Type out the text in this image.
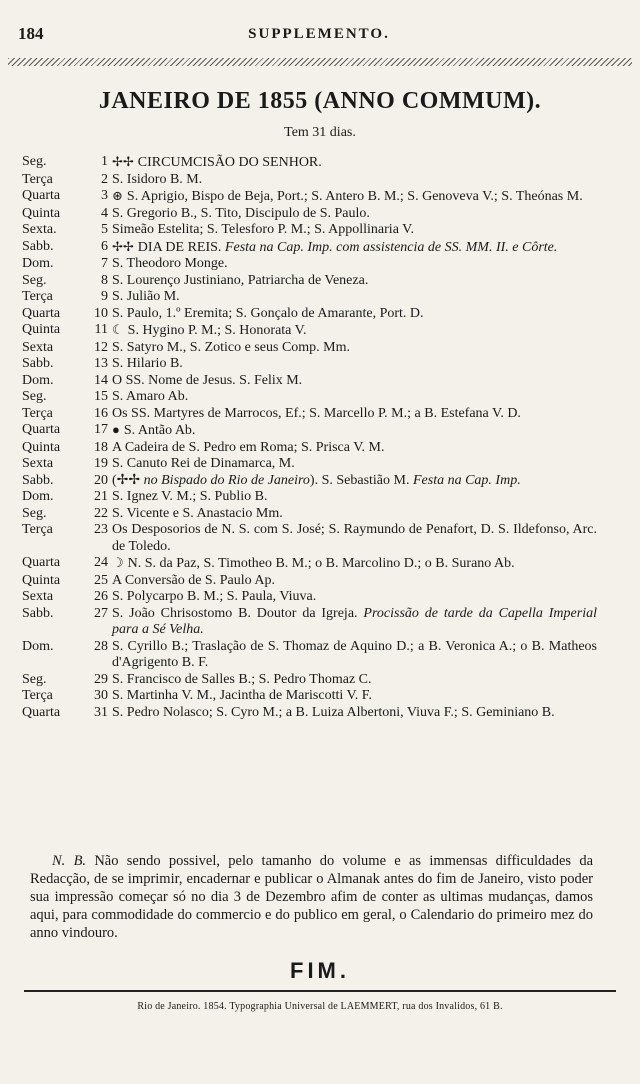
184	SUPPLEMENTO.
JANEIRO DE 1855 (ANNO COMMUM).
Tem 31 dias.
Seg.	1 ✢✢ CIRCUMCISÃO DO SENHOR.
Terça	2 S. Isidoro B. M.
Quarta	3 ⊛ S. Aprigio, Bispo de Beja, Port.; S. Antero B. M.; S. Genoveva V.; S. Theónas M.
Quinta	4 S. Gregorio B., S. Tito, Discipulo de S. Paulo.
Sexta.	5 Simeão Estelita; S. Telesforo P. M.; S. Appollinaria V.
Sabb.	6 ✢✢ DIA DE REIS. Festa na Cap. Imp. com assistencia de SS. MM. II. e Côrte.
Dom.	7 S. Theodoro Monge.
Seg.	8 S. Lourenço Justiniano, Patriarcha de Veneza.
Terça	9 S. Julião M.
Quarta	10 S. Paulo, 1.º Eremita; S. Gonçalo de Amarante, Port. D.
Quinta	11 ☾ S. Hygino P. M.; S. Honorata V.
Sexta	12 S. Satyro M., S. Zotico e seus Comp. Mm.
Sabb.	13 S. Hilario B.
Dom.	14 O SS. Nome de Jesus. S. Felix M.
Seg.	15 S. Amaro Ab.
Terça	16 Os SS. Martyres de Marrocos, Ef.; S. Marcello P. M.; a B. Estefana V. D.
Quarta	17 ● S. Antão Ab.
Quinta	18 A Cadeira de S. Pedro em Roma; S. Prisca V. M.
Sexta	19 S. Canuto Rei de Dinamarca, M.
Sabb.	20 (✢✢ no Bispado do Rio de Janeiro). S. Sebastião M. Festa na Cap. Imp.
Dom.	21 S. Ignez V. M.; S. Publio B.
Seg.	22 S. Vicente e S. Anastacio Mm.
Terça	23 Os Desposorios de N. S. com S. José; S. Raymundo de Penafort, D. S. Ildefonso, Arc. de Toledo.
Quarta	24 ☽ N. S. da Paz, S. Timotheo B. M.; o B. Marcolino D.; o B. Surano Ab.
Quinta	25 A Conversão de S. Paulo Ap.
Sexta	26 S. Polycarpo B. M.; S. Paula, Viuva.
Sabb.	27 S. João Chrisostomo B. Doutor da Igreja. Procissão de tarde da Capella Imperial para a Sé Velha.
Dom.	28 S. Cyrillo B.; Traslação de S. Thomaz de Aquino D.; a B. Veronica A.; o B. Matheos d'Agrigento B. F.
Seg.	29 S. Francisco de Salles B.; S. Pedro Thomaz C.
Terça	30 S. Martinha V. M., Jacintha de Mariscotti V. F.
Quarta	31 S. Pedro Nolasco; S. Cyro M.; a B. Luiza Albertoni, Viuva F.; S. Geminiano B.
N. B. Não sendo possivel, pelo tamanho do volume e as immensas difficuldades da Redacção, de se imprimir, encadernar e publicar o Almanak antes do fim de Janeiro, visto poder sua impressão começar só no dia 3 de Dezembro afim de conter as ultimas mudanças, damos aqui, para commodidade do commercio e do publico em geral, o Calendario do primeiro mez do anno vindouro.
FIM.
Rio de Janeiro. 1854. Typographia Universal de LAEMMERT, rua dos Invalidos, 61 B.
